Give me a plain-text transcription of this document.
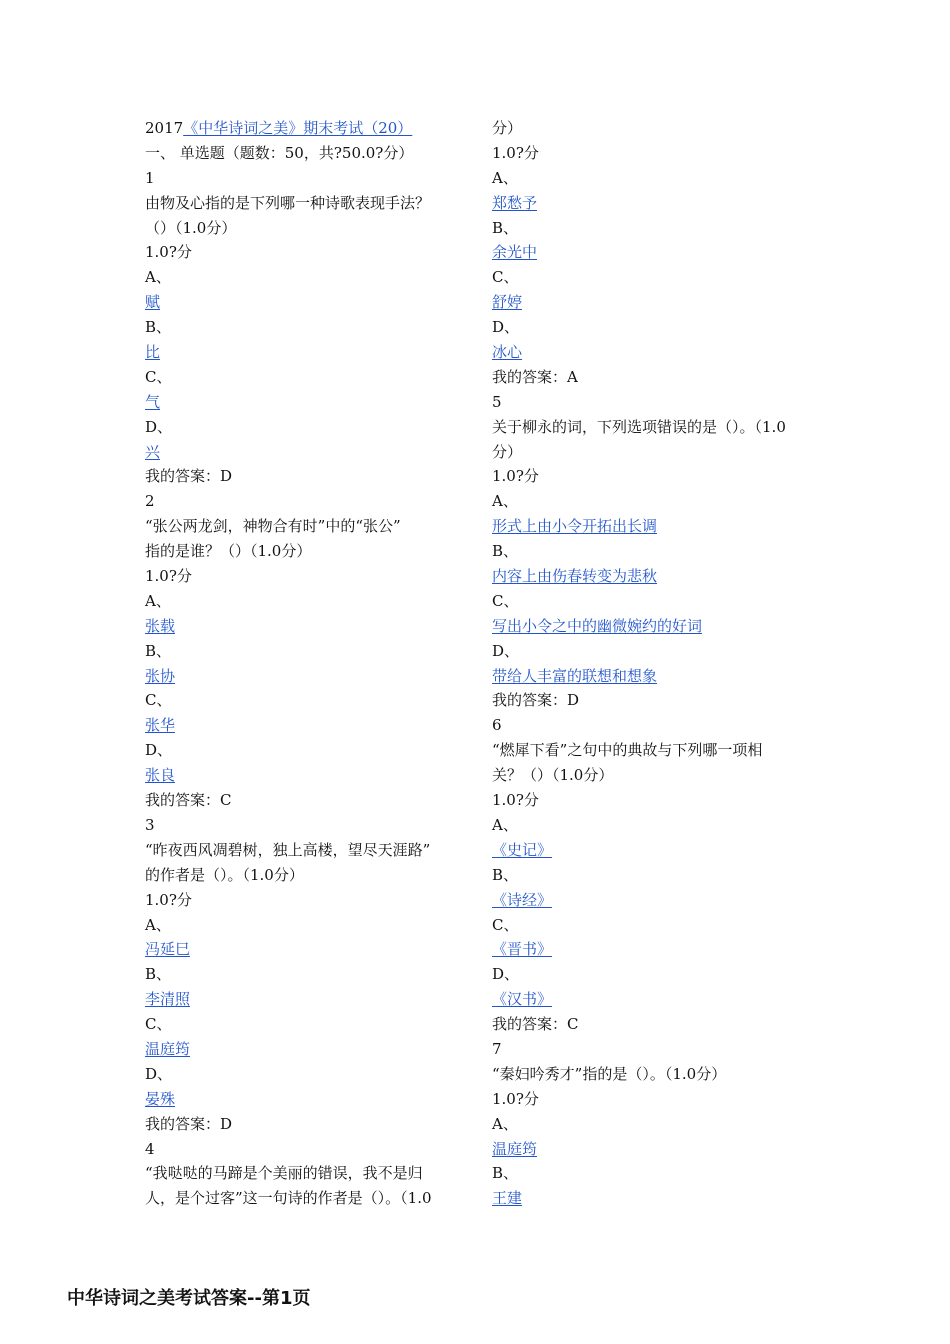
2017《中华诗词之美》期末考试（20）
一、 单选题（题数：50，共?50.0?分）
1
由物及心指的是下列哪一种诗歌表现手法？
（）（1.0分）
1.0?分
A、
赋
B、
比
C、
气
D、
兴
我的答案：D
2
“张公两龙剑，神物合有时”中的“张公”
指的是谁？（）（1.0分）
1.0?分
A、
张载
B、
张协
C、
张华
D、
张良
我的答案：C
3
“昨夜西风凋碧树，独上高楼，望尽天涯路”
的作者是（）。（1.0分）
1.0?分
A、
冯延巳
B、
李清照
C、
温庭筠
D、
晏殊
我的答案：D
4
“我哒哒的马蹄是个美丽的错误，我不是归
人，是个过客”这一句诗的作者是（）。（1.0
分）
1.0?分
A、
郑愁予
B、
余光中
C、
舒婷
D、
冰心
我的答案：A
5
关于柳永的词，下列选项错误的是（）。（1.0
分）
1.0?分
A、
形式上由小令开拓出长调
B、
内容上由伤春转变为悲秋
C、
写出小令之中的幽微婉约的好词
D、
带给人丰富的联想和想象
我的答案：D
6
“燃犀下看”之句中的典故与下列哪一项相
关？（）（1.0分）
1.0?分
A、
《史记》
B、
《诗经》
C、
《晋书》
D、
《汉书》
我的答案：C
7
“秦妇吟秀才”指的是（）。（1.0分）
1.0?分
A、
温庭筠
B、
王建
中华诗词之美考试答案--第1页
